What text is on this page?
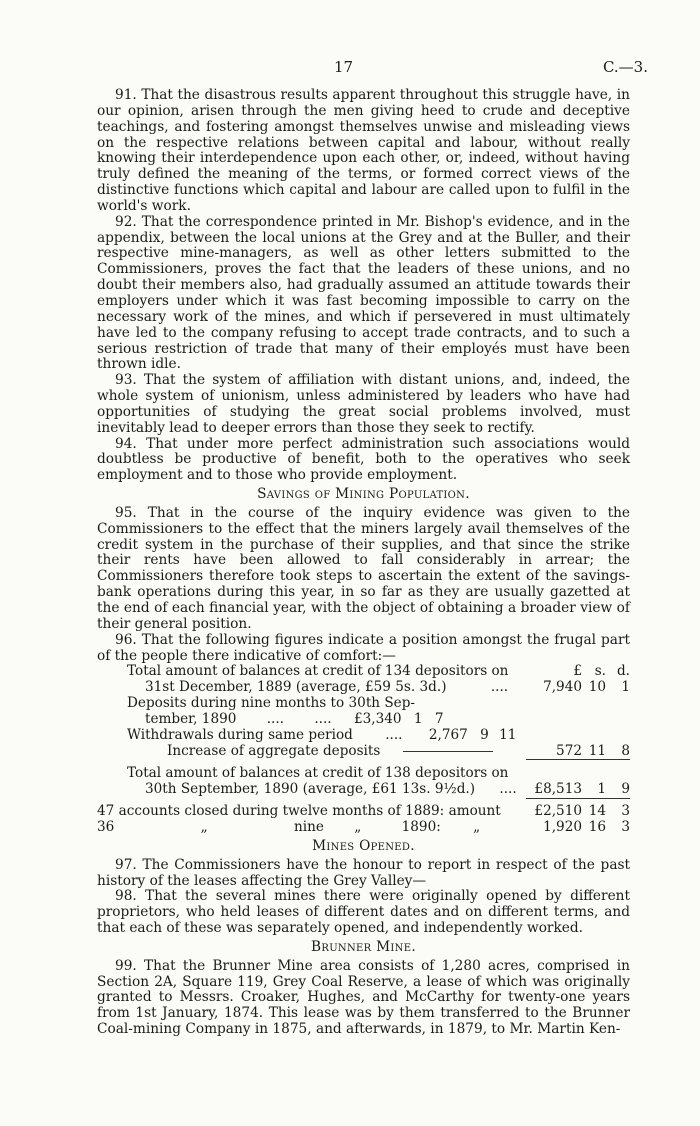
17	C.—3.

91. That the disastrous results apparent throughout this struggle have, in our opinion, arisen through the men giving heed to crude and deceptive teachings, and fostering amongst themselves unwise and misleading views on the respective relations between capital and labour, without really knowing their interdependence upon each other, or, indeed, without having truly defined the meaning of the terms, or formed correct views of the distinctive functions which capital and labour are called upon to fulfil in the world's work.

92. That the correspondence printed in Mr. Bishop's evidence, and in the appendix, between the local unions at the Grey and at the Buller, and their respective mine-managers, as well as other letters submitted to the Commissioners, proves the fact that the leaders of these unions, and no doubt their members also, had gradually assumed an attitude towards their employers under which it was fast becoming impossible to carry on the necessary work of the mines, and which if persevered in must ultimately have led to the company refusing to accept trade contracts, and to such a serious restriction of trade that many of their employés must have been thrown idle.

93. That the system of affiliation with distant unions, and, indeed, the whole system of unionism, unless administered by leaders who have had opportunities of studying the great social problems involved, must inevitably lead to deeper errors than those they seek to rectify.

94. That under more perfect administration such associations would doubtless be productive of benefit, both to the operatives who seek employment and to those who provide employment.

Savings of Mining Population.

95. That in the course of the inquiry evidence was given to the Commissioners to the effect that the miners largely avail themselves of the credit system in the purchase of their supplies, and that since the strike their rents have been allowed to fall considerably in arrear; the Commissioners therefore took steps to ascertain the extent of the savings-bank operations during this year, in so far as they are usually gazetted at the end of each financial year, with the object of obtaining a broader view of their general position.

96. That the following figures indicate a position amongst the frugal part of the people there indicative of comfort:—

Total amount of balances at credit of 134 depositors on		£	s.	d.
31st December, 1889 (average, £59 5s. 3d.) ....		7,940	10	1
Deposits during nine months to 30th Sep-			
tember, 1890 .... .... £3,340 1 7				
Withdrawals during same period .... 2,767 9 11				
Increase of aggregate deposits		572	11	8

Total amount of balances at credit of 138 depositors on			
30th September, 1890 (average, £61 13s. 9½d.) ....		£8,513	1	9

47 accounts closed during twelve months of 1889: amount		£2,510	14	3
36 „ nine „ 1890: „		1,920	16	3

Mines Opened.

97. The Commissioners have the honour to report in respect of the past history of the leases affecting the Grey Valley—

98. That the several mines there were originally opened by different proprietors, who held leases of different dates and on different terms, and that each of these was separately opened, and independently worked.

Brunner Mine.

99. That the Brunner Mine area consists of 1,280 acres, comprised in Section 2A, Square 119, Grey Coal Reserve, a lease of which was originally granted to Messrs. Croaker, Hughes, and McCarthy for twenty-one years from 1st January, 1874. This lease was by them transferred to the Brunner Coal-mining Company in 1875, and afterwards, in 1879, to Mr. Martin Ken-
